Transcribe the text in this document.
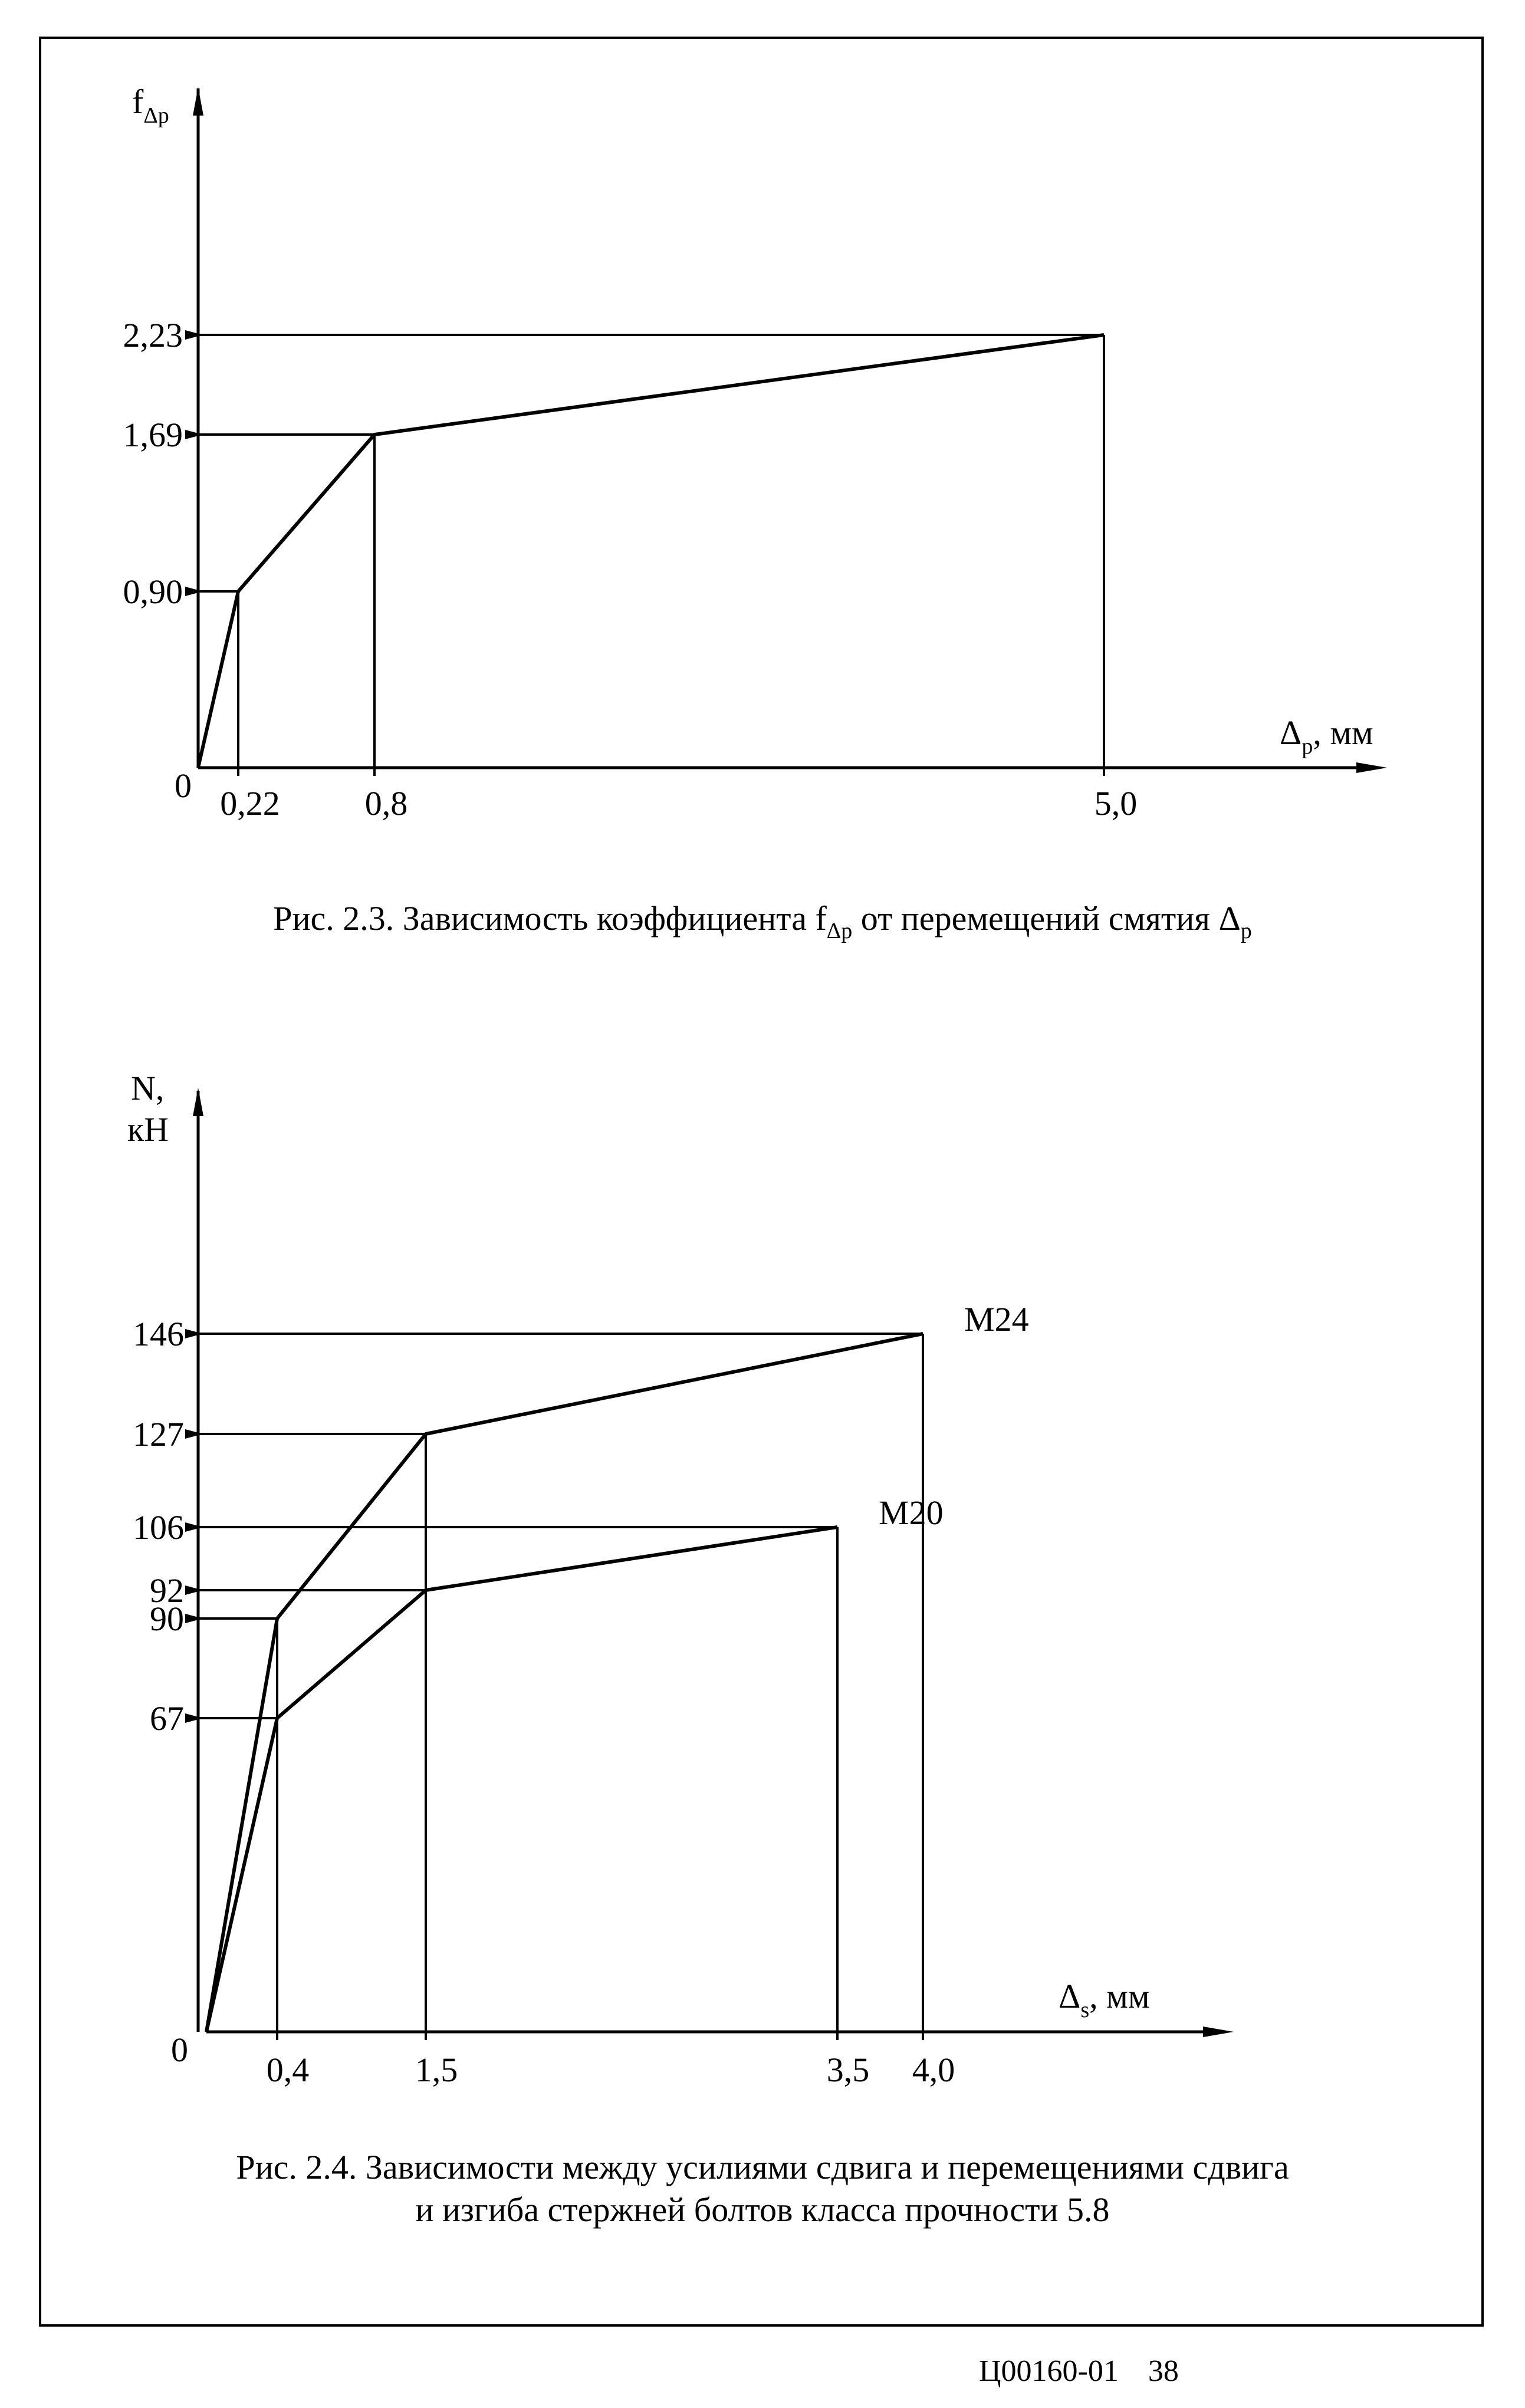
$f_{\Delta p}$
$\Delta_p$, мм
0
0,90
1,69
2,23
0,22 0,8	5,0
N,
кН
$\Delta_s$, мм
0
67
90
92
106
127
146
0,4	1,5	3,5 4,0
М24
М20
Рис. 2.3. Зависимость коэффициента $f_{\Delta p}$ от перемещений смятия $\Delta_p$
Рис. 2.4. Зависимости между усилиями сдвига и перемещениями сдвига
и изгиба стержней болтов класса прочности 5.8
Ц00160-01 38
